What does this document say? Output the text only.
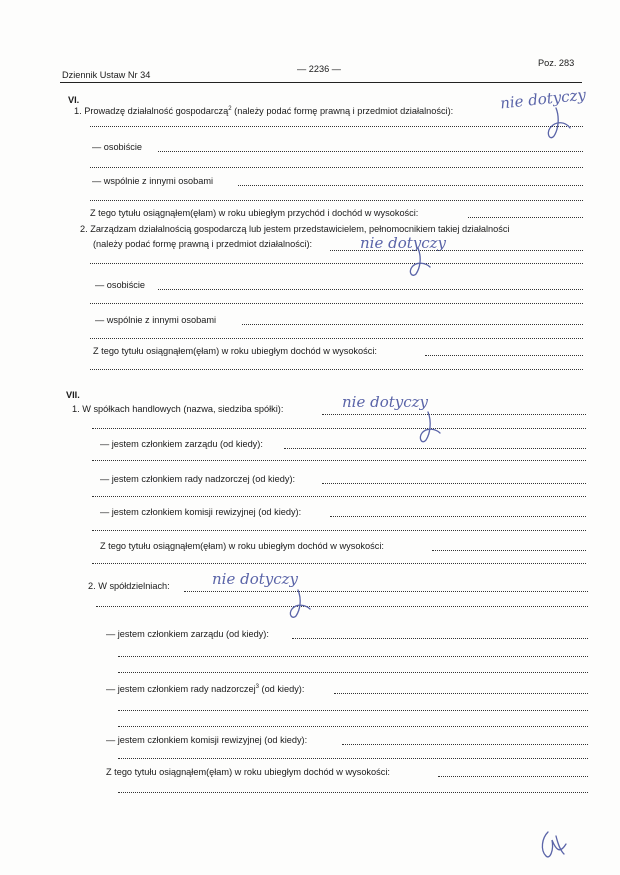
Dziennik Ustaw Nr 34
— 2236 —
Poz. 283
VI.
1. Prowadzę działalność gospodarczą$^2$ (należy podać formę prawną i przedmiot działalności):	nie dotyczy
— osobiście
— wspólnie z innymi osobami
Z tego tytułu osiągnąłem(ęłam) w roku ubiegłym przychód i dochód w wysokości:
2. Zarządzam działalnością gospodarczą lub jestem przedstawicielem, pełnomocnikiem takiej działalności
(należy podać formę prawną i przedmiot działalności):	nie dotyczy
— osobiście
— wspólnie z innymi osobami
Z tego tytułu osiągnąłem(ęłam) w roku ubiegłym dochód w wysokości:
VII.
1. W spółkach handlowych (nazwa, siedziba spółki):	nie dotyczy
— jestem członkiem zarządu (od kiedy):
— jestem członkiem rady nadzorczej (od kiedy):
— jestem członkiem komisji rewizyjnej (od kiedy):
Z tego tytułu osiągnąłem(ęłam) w roku ubiegłym dochód w wysokości:
2. W spółdzielniach:	nie dotyczy
— jestem członkiem zarządu (od kiedy):
— jestem członkiem rady nadzorczej$^3$ (od kiedy):
— jestem członkiem komisji rewizyjnej (od kiedy):
Z tego tytułu osiągnąłem(ęłam) w roku ubiegłym dochód w wysokości:
